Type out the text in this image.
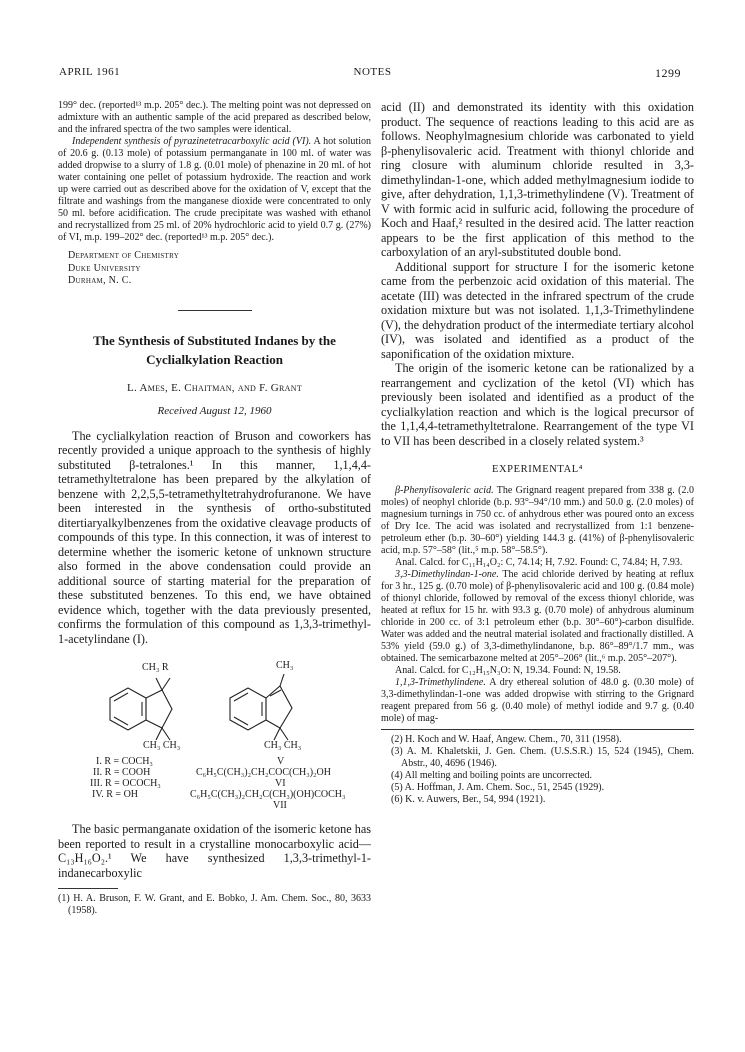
APRIL 1961	NOTES	1299

199° dec. (reported¹³ m.p. 205° dec.). The melting point was not depressed on admixture with an authentic sample of the acid prepared as described below, and the infrared spectra of the two samples were identical.

Independent synthesis of pyrazinetetracarboxylic acid (VI). A hot solution of 20.6 g. (0.13 mole) of potassium permanganate in 100 ml. of water was added dropwise to a slurry of 1.8 g. (0.01 mole) of phenazine in 20 ml. of hot water containing one pellet of potassium hydroxide. The reaction and work up were carried out as described above for the oxidation of V, except that the filtrate and washings from the manganese dioxide were concentrated to only 50 ml. before acidification. The crude precipitate was washed with ethanol and recrystallized from 25 ml. of 20% hydrochloric acid to yield 0.7 g. (27%) of VI, m.p. 199–202° dec. (reported¹³ m.p. 205° dec.).

Department of Chemistry
Duke University
Durham, N. C.
The Synthesis of Substituted Indanes by the
Cyclialkylation Reaction
L. Ames, E. Chaitman, and F. Grant
Received August 12, 1960

The cyclialkylation reaction of Bruson and coworkers has recently provided a unique approach to the synthesis of highly substituted β-tetralones.¹ In this manner, 1,1,4,4-tetramethyltetralone has been prepared by the alkylation of benzene with 2,2,5,5-tetramethyltetrahydrofuranone. We have been interested in the synthesis of ortho-substituted ditertiaryalkylbenzenes from the oxidative cleavage products of compounds of this type. In this connection, it was of interest to determine whether the isomeric ketone of unknown structure also formed in the above condensation could provide an additional source of starting material for the preparation of these substituted benzenes. To this end, we have obtained evidence which, together with the data previously presented, confirms the formulation of this compound as 1,3,3-trimethyl-1-acetylindane (I).

CH₃ R	CH₃
CH₃ CH₃	CH₃ CH₃
I. R = COCH₃
II. R = COOH
III. R = OCOCH₃
IV. R = OH
V
C₆H₅C(CH₃)₂CH₂COC(CH₃)₂OH
VI
C₆H₅C(CH₃)₂CH₂C(CH₃)(OH)COCH₃
VII

The basic permanganate oxidation of the isomeric ketone has been reported to result in a crystalline monocarboxylic acid—C₁₃H₁₆O₂.¹ We have synthesized 1,3,3-trimethyl-1-indanecarboxylic

(1) H. A. Bruson, F. W. Grant, and E. Bobko, J. Am. Chem. Soc., 80, 3633 (1958).

acid (II) and demonstrated its identity with this oxidation product. The sequence of reactions leading to this acid are as follows. Neophylmagnesium chloride was carbonated to yield β-phenylisovaleric acid. Treatment with thionyl chloride and ring closure with aluminum chloride resulted in 3,3-dimethylindan-1-one, which added methylmagnesium iodide to give, after dehydration, 1,1,3-trimethylindene (V). Treatment of V with formic acid in sulfuric acid, following the procedure of Koch and Haaf,² resulted in the desired acid. The latter reaction appears to be the first application of this method to the carboxylation of an aryl-substituted double bond.

Additional support for structure I for the isomeric ketone came from the perbenzoic acid oxidation of this material. The acetate (III) was detected in the infrared spectrum of the crude oxidation mixture but was not isolated. 1,1,3-Trimethylindene (V), the dehydration product of the intermediate tertiary alcohol (IV), was isolated and identified as a product of the saponification of the oxidation mixture.

The origin of the isomeric ketone can be rationalized by a rearrangement and cyclization of the ketol (VI) which has previously been isolated and identified as a product of the cyclialkylation reaction and which is the logical precursor of the 1,1,4,4-tetramethyltetralone. Rearrangement of the type VI to VII has been described in a closely related system.³

EXPERIMENTAL⁴

β-Phenylisovaleric acid. The Grignard reagent prepared from 338 g. (2.0 moles) of neophyl chloride (b.p. 93°–94°/10 mm.) and 50.0 g. (2.0 moles) of magnesium turnings in 750 cc. of anhydrous ether was poured onto an excess of Dry Ice. The acid was isolated and recrystallized from 1:1 benzene-petroleum ether (b.p. 30–60°) yielding 144.3 g. (41%) of β-phenylisovaleric acid, m.p. 57°–58° (lit.,⁵ m.p. 58°–58.5°).

Anal. Calcd. for C₁₁H₁₄O₂: C, 74.14; H, 7.92. Found: C, 74.84; H, 7.93.

3,3-Dimethylindan-1-one. The acid chloride derived by heating at reflux for 3 hr., 125 g. (0.70 mole) of β-phenylisovaleric acid and 100 g. (0.84 mole) of thionyl chloride, followed by removal of the excess thionyl chloride, was heated at reflux for 15 hr. with 93.3 g. (0.70 mole) of anhydrous aluminum chloride in 200 cc. of 3:1 petroleum ether (b.p. 30°–60°)-carbon disulfide. Water was added and the neutral material isolated and fractionally distilled. A 53% yield (59.0 g.) of 3,3-dimethylindanone, b.p. 86°–89°/1.7 mm., was obtained. The semicarbazone melted at 205°–206° (lit.,⁶ m.p. 205°–207°).

Anal. Calcd. for C₁₂H₁₅N₃O: N, 19.34. Found: N, 19.58.

1,1,3-Trimethylindene. A dry ethereal solution of 48.0 g. (0.30 mole) of 3,3-dimethylindan-1-one was added dropwise with stirring to the Grignard reagent prepared from 56 g. (0.40 mole) of methyl iodide and 9.7 g. (0.40 mole) of mag-

(2) H. Koch and W. Haaf, Angew. Chem., 70, 311 (1958).

(3) A. M. Khaletskii, J. Gen. Chem. (U.S.S.R.) 15, 524 (1945), Chem. Abstr., 40, 4696 (1946).

(4) All melting and boiling points are uncorrected.

(5) A. Hoffman, J. Am. Chem. Soc., 51, 2545 (1929).

(6) K. v. Auwers, Ber., 54, 994 (1921).
